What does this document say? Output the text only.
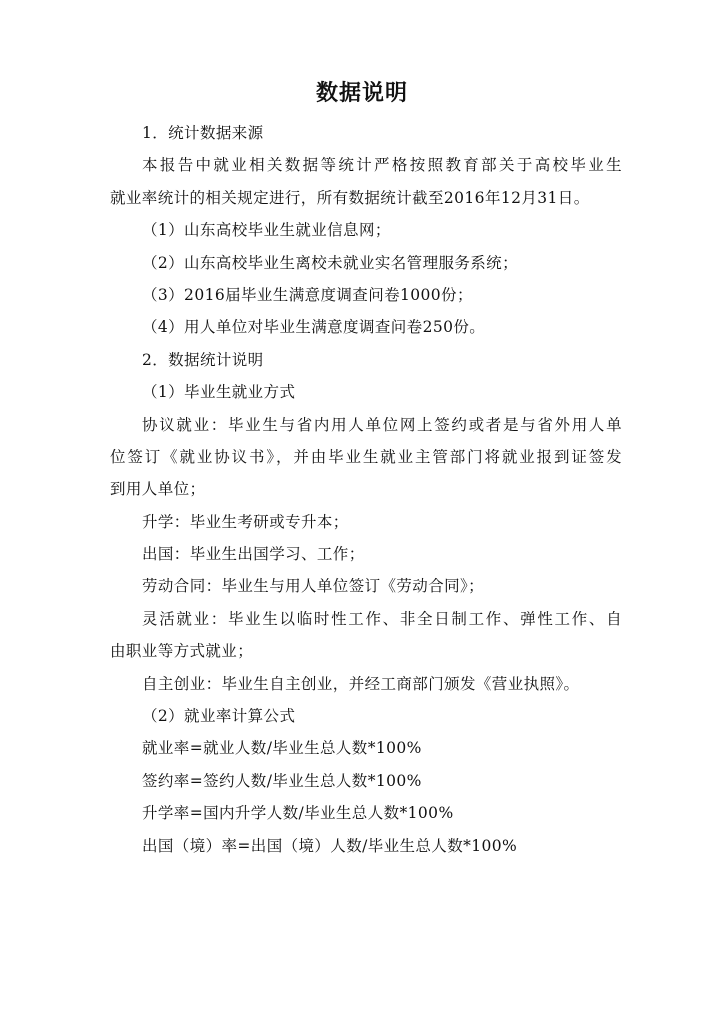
数据说明
1．统计数据来源
本报告中就业相关数据等统计严格按照教育部关于高校毕业生
就业率统计的相关规定进行，所有数据统计截至2016年12月31日。
（1）山东高校毕业生就业信息网；
（2）山东高校毕业生离校未就业实名管理服务系统；
（3）2016届毕业生满意度调查问卷1000份；
（4）用人单位对毕业生满意度调查问卷250份。
2．数据统计说明
（1）毕业生就业方式
协议就业：毕业生与省内用人单位网上签约或者是与省外用人单
位签订《就业协议书》，并由毕业生就业主管部门将就业报到证签发
到用人单位；
升学：毕业生考研或专升本；
出国：毕业生出国学习、工作；
劳动合同：毕业生与用人单位签订《劳动合同》；
灵活就业：毕业生以临时性工作、非全日制工作、弹性工作、自
由职业等方式就业；
自主创业：毕业生自主创业，并经工商部门颁发《营业执照》。
（2）就业率计算公式
就业率=就业人数/毕业生总人数*100%
签约率=签约人数/毕业生总人数*100%
升学率=国内升学人数/毕业生总人数*100%
出国（境）率=出国（境）人数/毕业生总人数*100%
